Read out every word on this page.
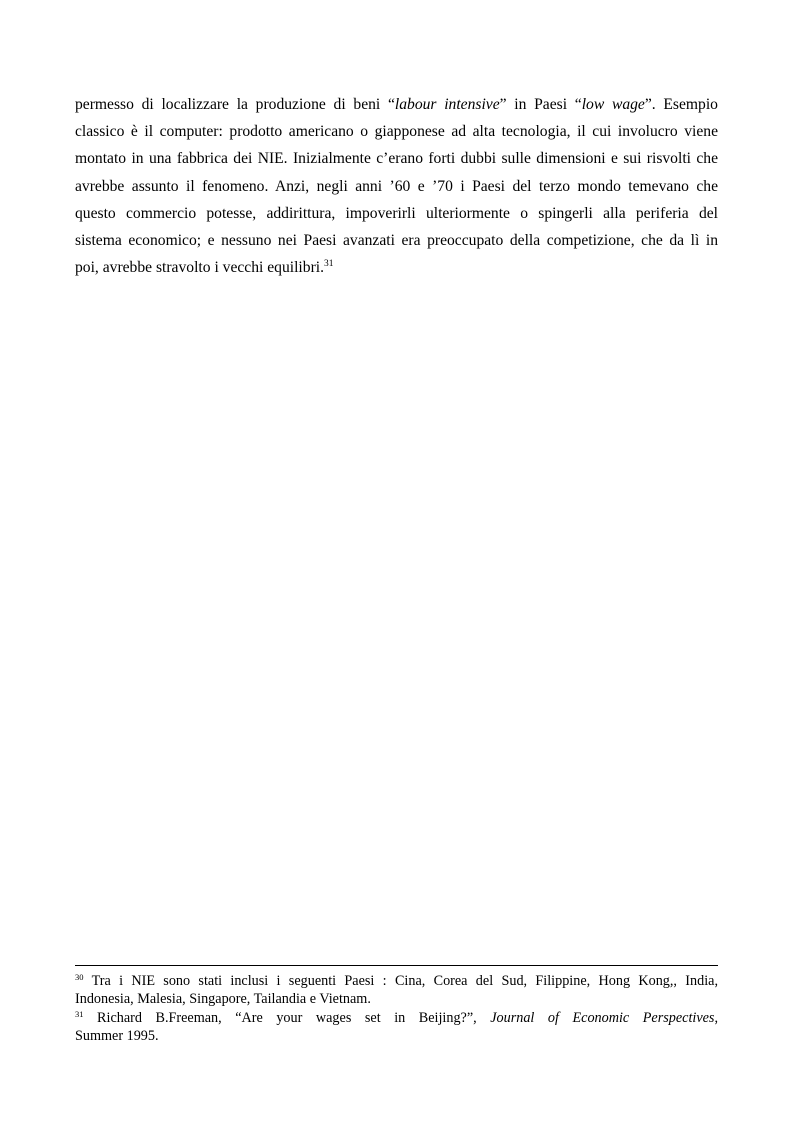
permesso di localizzare la produzione di beni “labour intensive” in Paesi “low wage”. Esempio
classico è il computer: prodotto americano o giapponese ad alta tecnologia, il cui involucro viene
montato in una fabbrica dei NIE. Inizialmente c’erano forti dubbi sulle dimensioni e sui risvolti che
avrebbe assunto il fenomeno. Anzi, negli anni ’60 e ’70 i Paesi del terzo mondo temevano che
questo commercio potesse, addirittura, impoverirli ulteriormente o spingerli alla periferia del
sistema economico; e nessuno nei Paesi avanzati era preoccupato della competizione, che da lì in
poi, avrebbe stravolto i vecchi equilibri.$^{31}$
$^{30}$ Tra i NIE sono stati inclusi i seguenti Paesi : Cina, Corea del Sud, Filippine, Hong Kong,, India,
Indonesia, Malesia, Singapore, Tailandia e Vietnam.
$^{31}$ Richard B.Freeman, “Are your wages set in Beijing?”, Journal of Economic Perspectives,
Summer 1995.
